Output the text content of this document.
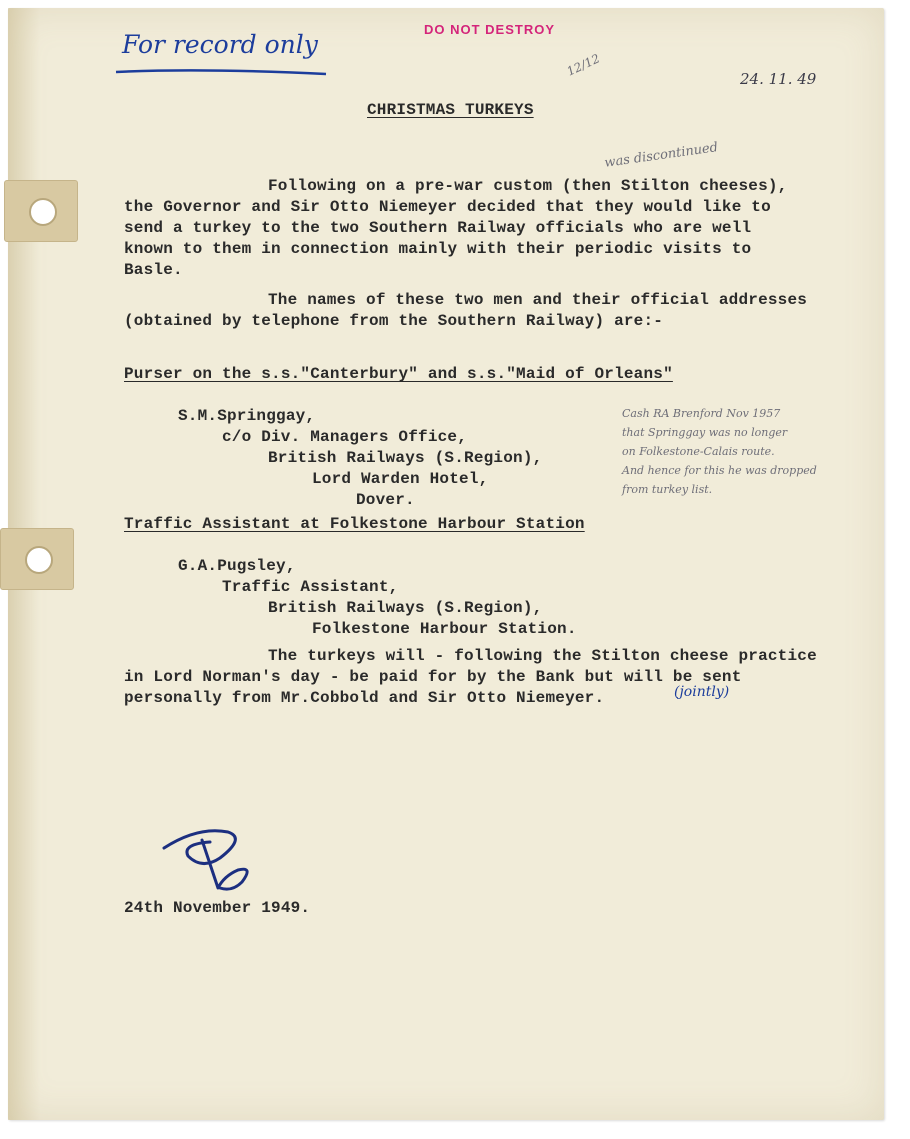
For record only
DO NOT DESTROY
12/12
24. 11. 49
was discontinued
CHRISTMAS TURKEYS
Following on a pre-war custom (then Stilton cheeses),
the Governor and Sir Otto Niemeyer decided that they would like to
send a turkey to the two Southern Railway officials who are well
known to them in connection mainly with their periodic visits to
Basle.
The names of these two men and their official addresses
(obtained by telephone from the Southern Railway) are:-
Purser on the s.s."Canterbury" and s.s."Maid of Orleans"
S.M.Springgay,
c/o Div. Managers Office,
British Railways (S.Region),
Lord Warden Hotel,
Dover.
Cash RA Brenford Nov 1957
that Springgay was no longer
on Folkestone-Calais route.
And hence for this he was dropped
from turkey list.
Traffic Assistant at Folkestone Harbour Station
G.A.Pugsley,
Traffic Assistant,
British Railways (S.Region),
Folkestone Harbour Station.
The turkeys will - following the Stilton cheese practice
in Lord Norman's day - be paid for by the Bank but will be sent
personally from Mr.Cobbold and Sir Otto Niemeyer.	(jointly)
24th November 1949.
